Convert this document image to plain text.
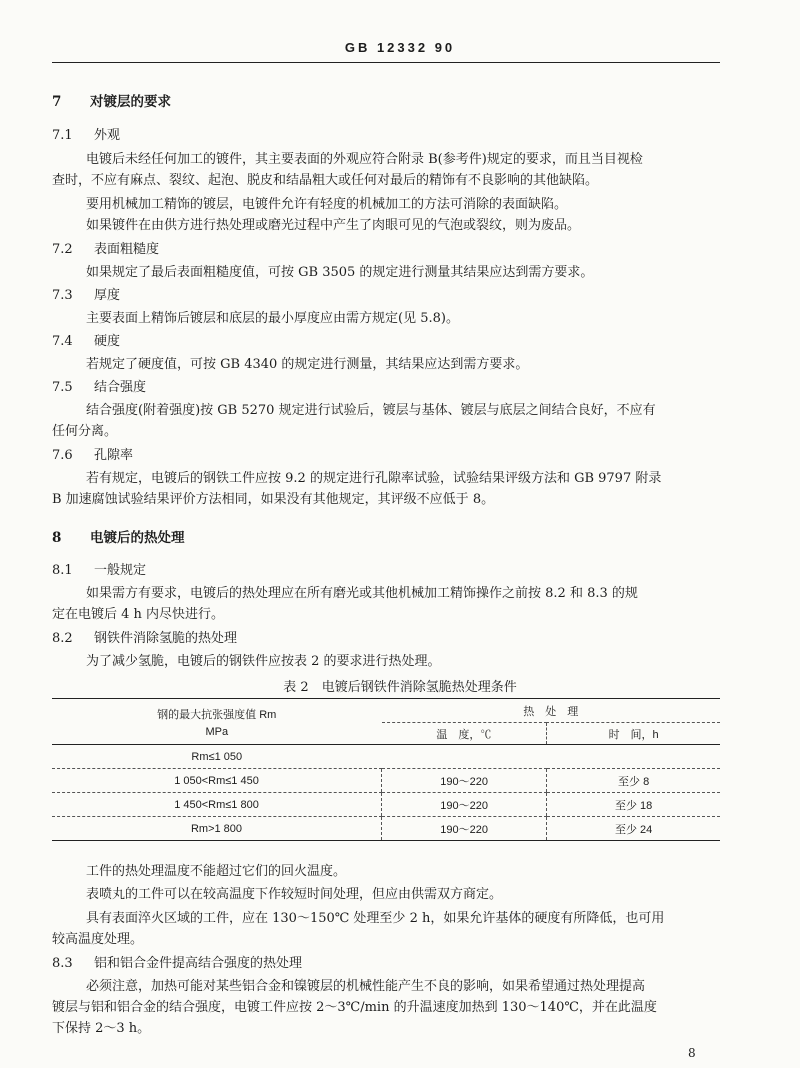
GB 12332 90
7 对镀层的要求
7.1 外观
电镀后未经任何加工的镀件，其主要表面的外观应符合附录 B(参考件)规定的要求，而且当目视检
查时，不应有麻点、裂纹、起泡、脱皮和结晶粗大或任何对最后的精饰有不良影响的其他缺陷。
要用机械加工精饰的镀层，电镀件允许有轻度的机械加工的方法可消除的表面缺陷。
如果镀件在由供方进行热处理或磨光过程中产生了肉眼可见的气泡或裂纹，则为废品。
7.2 表面粗糙度
如果规定了最后表面粗糙度值，可按 GB 3505 的规定进行测量其结果应达到需方要求。
7.3 厚度
主要表面上精饰后镀层和底层的最小厚度应由需方规定(见 5.8)。
7.4 硬度
若规定了硬度值，可按 GB 4340 的规定进行测量，其结果应达到需方要求。
7.5 结合强度
结合强度(附着强度)按 GB 5270 规定进行试验后，镀层与基体、镀层与底层之间结合良好，不应有
任何分离。
7.6 孔隙率
若有规定，电镀后的钢铁工件应按 9.2 的规定进行孔隙率试验，试验结果评级方法和 GB 9797 附录
B 加速腐蚀试验结果评价方法相同，如果没有其他规定，其评级不应低于 8。
8 电镀后的热处理
8.1 一般规定
如果需方有要求，电镀后的热处理应在所有磨光或其他机械加工精饰操作之前按 8.2 和 8.3 的规
定在电镀后 4 h 内尽快进行。
8.2 钢铁件消除氢脆的热处理
为了减少氢脆，电镀后的钢铁件应按表 2 的要求进行热处理。
表 2　电镀后钢铁件消除氢脆热处理条件
钢的最大抗张强度值 Rm
MPa	热　处　理	
	温　度，℃	时　间，h
Rm≤1 050		
1 050<Rm≤1 450	190～220	至少 8
1 450<Rm≤1 800	190～220	至少 18
Rm>1 800	190～220	至少 24
工件的热处理温度不能超过它们的回火温度。
表喷丸的工件可以在较高温度下作较短时间处理，但应由供需双方商定。
具有表面淬火区域的工件，应在 130～150℃ 处理至少 2 h，如果允许基体的硬度有所降低，也可用
较高温度处理。
8.3 铝和铝合金件提高结合强度的热处理
必须注意，加热可能对某些铝合金和镍镀层的机械性能产生不良的影响，如果希望通过热处理提高
镀层与铝和铝合金的结合强度，电镀工件应按 2～3℃/min 的升温速度加热到 130～140℃，并在此温度
下保持 2～3 h。
8
